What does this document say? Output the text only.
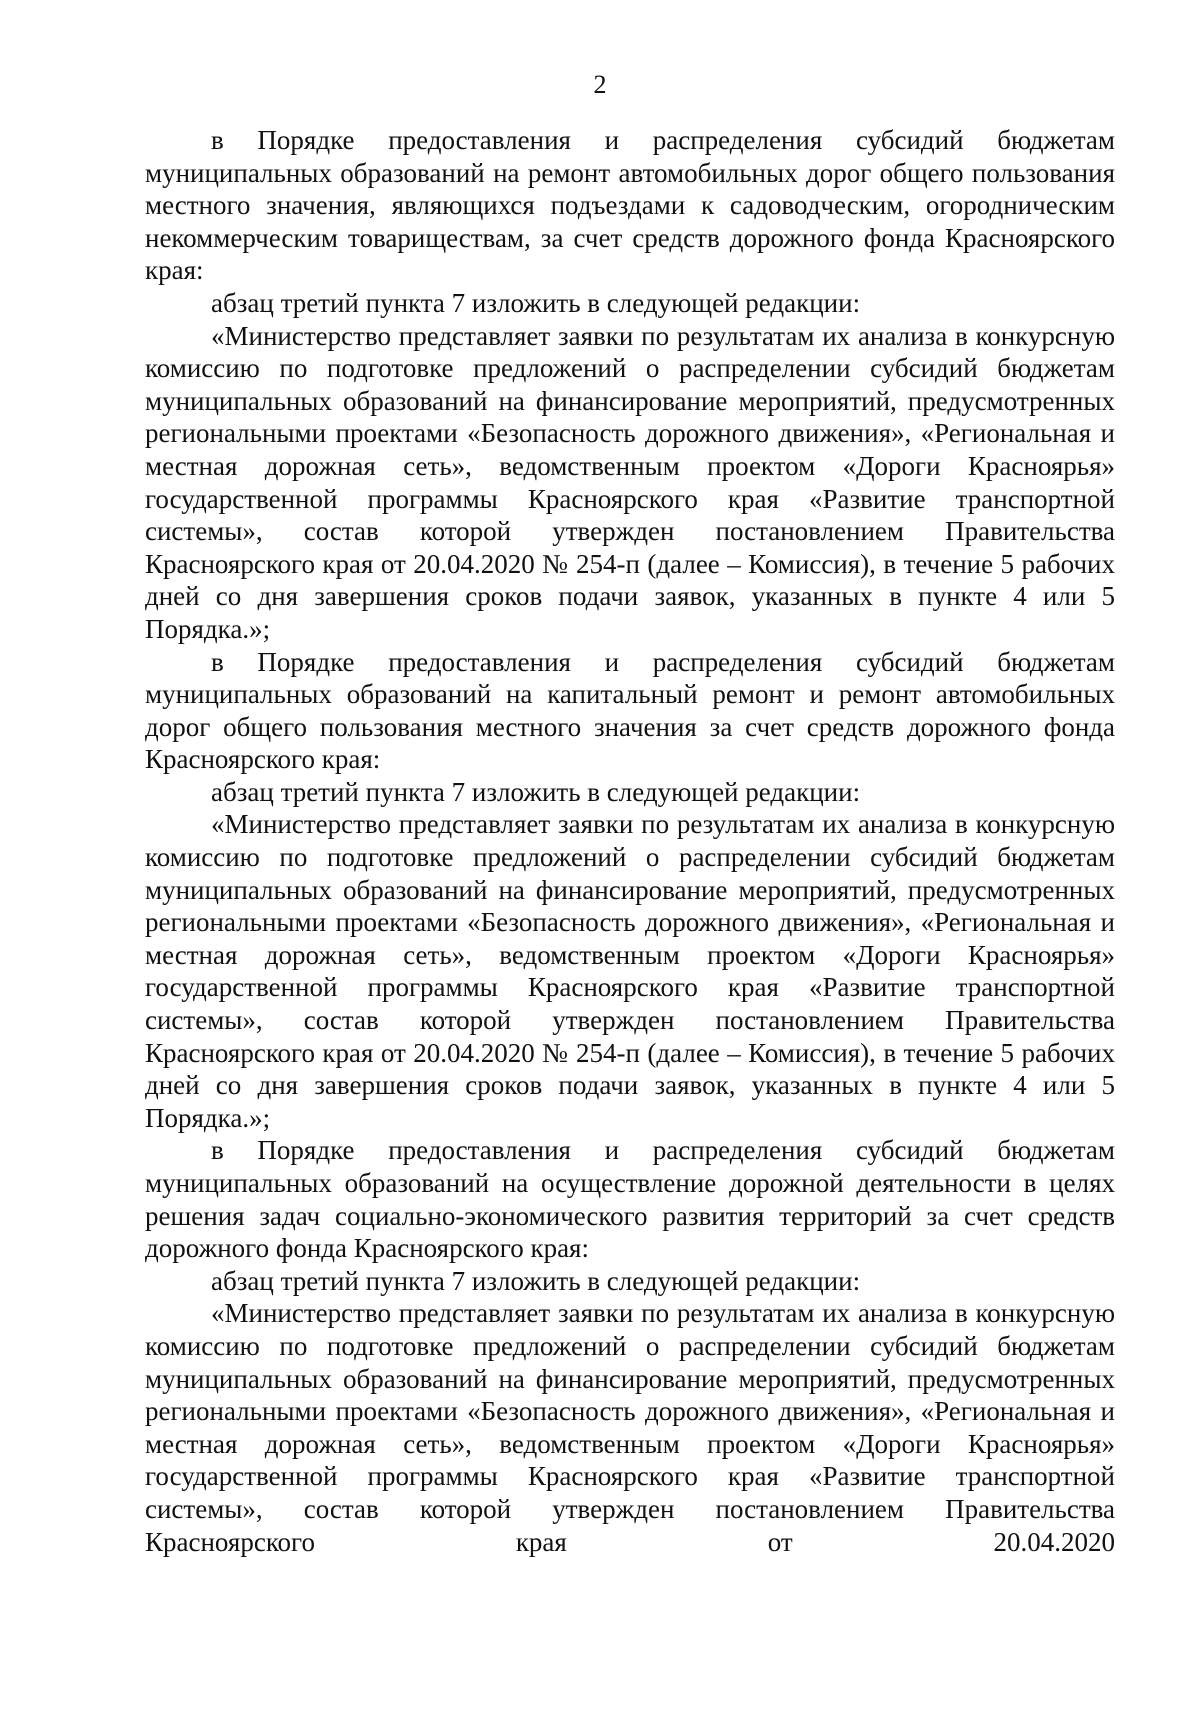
2

в Порядке предоставления и распределения субсидий бюджетам муниципальных образований на ремонт автомобильных дорог общего пользования местного значения, являющихся подъездами к садоводческим, огородническим некоммерческим товариществам, за счет средств дорожного фонда Красноярского края:

абзац третий пункта 7 изложить в следующей редакции:

«Министерство представляет заявки по результатам их анализа в конкурсную комиссию по подготовке предложений о распределении субсидий бюджетам муниципальных образований на финансирование мероприятий, предусмотренных региональными проектами «Безопасность дорожного движения», «Региональная и местная дорожная сеть», ведомственным проектом «Дороги Красноярья» государственной программы Красноярского края «Развитие транспортной системы», состав которой утвержден постановлением Правительства Красноярского края от 20.04.2020 № 254-п (далее – Комиссия), в течение 5 рабочих дней со дня завершения сроков подачи заявок, указанных в пункте 4 или 5 Порядка.»;

в Порядке предоставления и распределения субсидий бюджетам муниципальных образований на капитальный ремонт и ремонт автомобильных дорог общего пользования местного значения за счет средств дорожного фонда Красноярского края:

абзац третий пункта 7 изложить в следующей редакции:

«Министерство представляет заявки по результатам их анализа в конкурсную комиссию по подготовке предложений о распределении субсидий бюджетам муниципальных образований на финансирование мероприятий, предусмотренных региональными проектами «Безопасность дорожного движения», «Региональная и местная дорожная сеть», ведомственным проектом «Дороги Красноярья» государственной программы Красноярского края «Развитие транспортной системы», состав которой утвержден постановлением Правительства Красноярского края от 20.04.2020 № 254-п (далее – Комиссия), в течение 5 рабочих дней со дня завершения сроков подачи заявок, указанных в пункте 4 или 5 Порядка.»;

в Порядке предоставления и распределения субсидий бюджетам муниципальных образований на осуществление дорожной деятельности в целях решения задач социально-экономического развития территорий за счет средств дорожного фонда Красноярского края:

абзац третий пункта 7 изложить в следующей редакции:

«Министерство представляет заявки по результатам их анализа в конкурсную комиссию по подготовке предложений о распределении субсидий бюджетам муниципальных образований на финансирование мероприятий, предусмотренных региональными проектами «Безопасность дорожного движения», «Региональная и местная дорожная сеть», ведомственным проектом «Дороги Красноярья» государственной программы Красноярского края «Развитие транспортной системы», состав которой утвержден постановлением Правительства Красноярского края от 20.04.2020
